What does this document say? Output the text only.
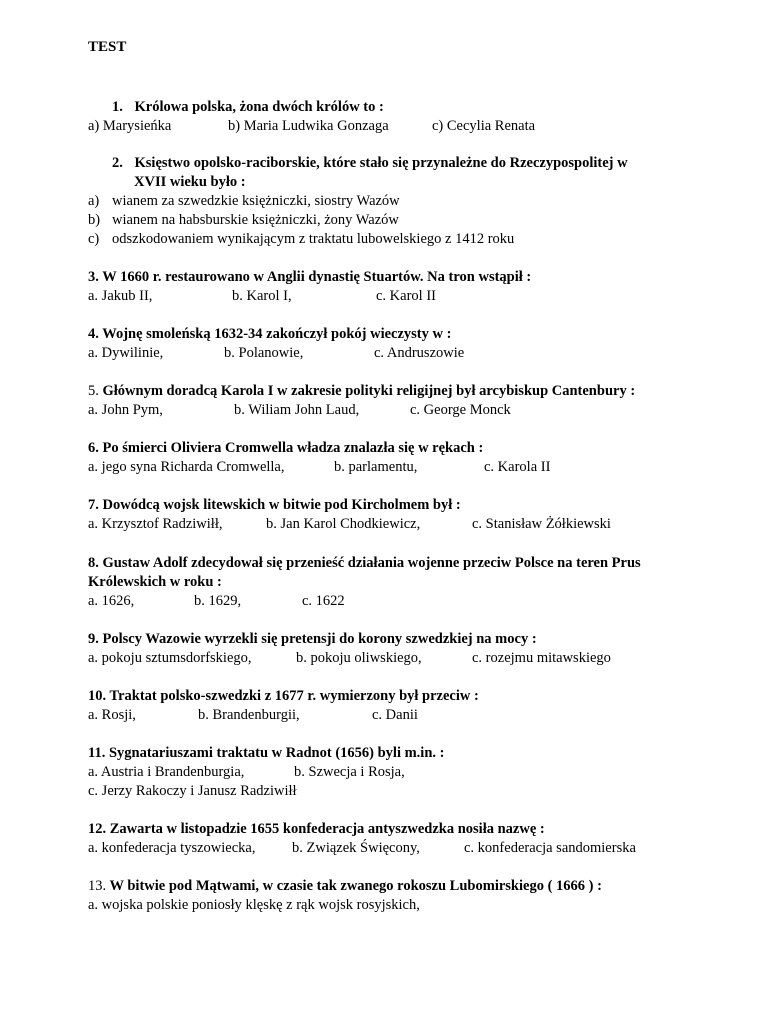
TEST
1. Królowa polska, żona dwóch królów to :
a) Marysieńka	b) Maria Ludwika Gonzaga	c) Cecylia Renata
2. Księstwo opolsko-raciborskie, które stało się przynależne do Rzeczypospolitej w
XVII wieku było :
a) wianem za szwedzkie księżniczki, siostry Wazów
b) wianem na habsburskie księżniczki, żony Wazów
c) odszkodowaniem wynikającym z traktatu lubowelskiego z 1412 roku
3. W 1660 r. restaurowano w Anglii dynastię Stuartów. Na tron wstąpił :
a. Jakub II,	b. Karol I,	c. Karol II
4. Wojnę smoleńską 1632-34 zakończył pokój wieczysty w :
a. Dywilinie,	b. Polanowie,	c. Andruszowie
5. Głównym doradcą Karola I w zakresie polityki religijnej był arcybiskup Cantenbury :
a. John Pym,	b. Wiliam John Laud,	c. George Monck
6. Po śmierci Oliviera Cromwella władza znalazła się w rękach :
a. jego syna Richarda Cromwella,	b. parlamentu,	c. Karola II
7. Dowódcą wojsk litewskich w bitwie pod Kircholmem był :
a. Krzysztof Radziwiłł,	b. Jan Karol Chodkiewicz,	c. Stanisław Żółkiewski
8. Gustaw Adolf zdecydował się przenieść działania wojenne przeciw Polsce na teren Prus
Królewskich w roku :
a. 1626,	b. 1629,	c. 1622
9. Polscy Wazowie wyrzekli się pretensji do korony szwedzkiej na mocy :
a. pokoju sztumsdorfskiego,	b. pokoju oliwskiego,	c. rozejmu mitawskiego
10. Traktat polsko-szwedzki z 1677 r. wymierzony był przeciw :
a. Rosji,	b. Brandenburgii,	c. Danii
11. Sygnatariuszami traktatu w Radnot (1656) byli m.in. :
a. Austria i Brandenburgia,	b. Szwecja i Rosja,
c. Jerzy Rakoczy i Janusz Radziwiłł
12. Zawarta w listopadzie 1655 konfederacja antyszwedzka nosiła nazwę :
a. konfederacja tyszowiecka,	b. Związek Święcony,	c. konfederacja sandomierska
13. W bitwie pod Mątwami, w czasie tak zwanego rokoszu Lubomirskiego ( 1666 ) :
a. wojska polskie poniosły klęskę z rąk wojsk rosyjskich,
